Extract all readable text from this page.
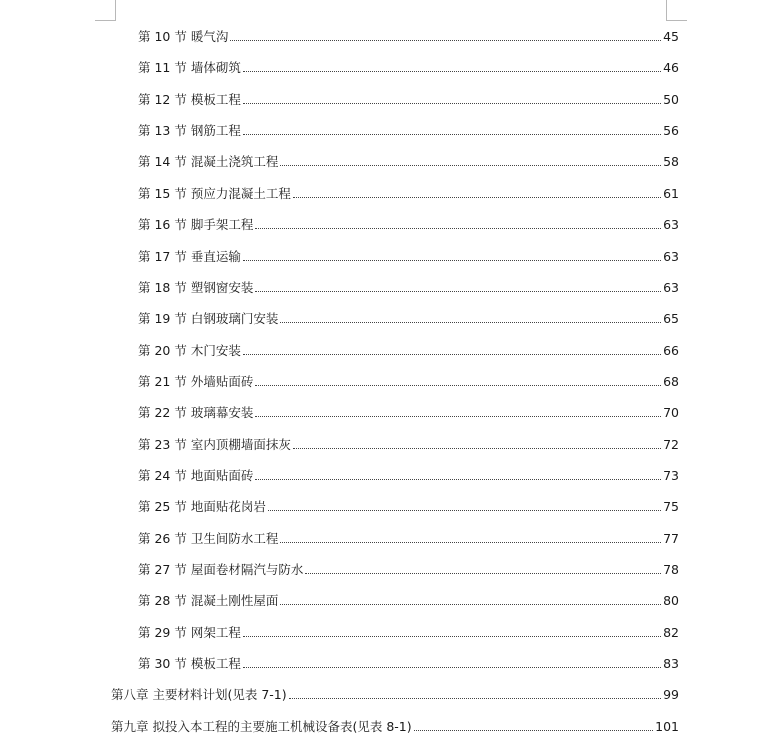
第 10 节 暖气沟	45
第 11 节 墙体砌筑	46
第 12 节 模板工程	50
第 13 节 钢筋工程	56
第 14 节 混凝土浇筑工程	58
第 15 节 预应力混凝土工程	61
第 16 节 脚手架工程	63
第 17 节 垂直运输	63
第 18 节 塑钢窗安装	63
第 19 节 白钢玻璃门安装	65
第 20 节 木门安装	66
第 21 节 外墙贴面砖	68
第 22 节 玻璃幕安装	70
第 23 节 室内顶棚墙面抹灰	72
第 24 节 地面贴面砖	73
第 25 节 地面贴花岗岩	75
第 26 节 卫生间防水工程	77
第 27 节 屋面卷材隔汽与防水	78
第 28 节 混凝土刚性屋面	80
第 29 节 网架工程	82
第 30 节 模板工程	83
第八章 主要材料计划(见表 7-1)	99
第九章 拟投入本工程的主要施工机械设备表(见表 8-1)	101
